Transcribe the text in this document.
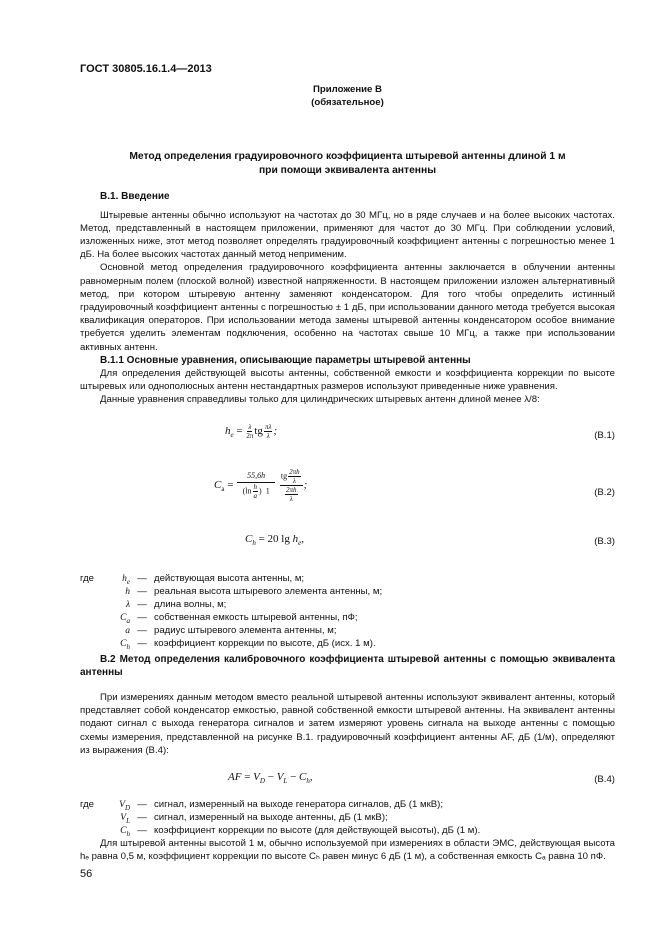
ГОСТ 30805.16.1.4—2013
Приложение В
(обязательное)
Метод определения градуировочного коэффициента штыревой антенны длиной 1 м
при помощи эквивалента антенны
В.1. Введение
Штыревые антенны обычно используют на частотах до 30 МГц, но в ряде случаев и на более высоких частотах. Метод, представленный в настоящем приложении, применяют для частот до 30 МГц. При соблюдении условий, изложенных ниже, этот метод позволяет определять градуировочный коэффициент антенны с погрешностью менее 1 дБ. На более высоких частотах данный метод неприменим.
Основной метод определения градуировочного коэффициента антенны заключается в облучении антенны равномерным полем (плоской волной) известной напряженности. В настоящем приложении изложен альтернативный метод, при котором штыревую антенну заменяют конденсатором. Для того чтобы определить истинный градуировочный коэффициент антенны с погрешностью ± 1 дБ, при использовании данного метода требуется высокая квалификация операторов. При использовании метода замены штыревой антенны конденсатором особое внимание требуется уделить элементам подключения, особенно на частотах свыше 10 МГц, а также при использовании активных антенн.
В.1.1 Основные уравнения, описывающие параметры штыревой антенны
Для определения действующей высоты антенны, собственной емкости и коэффициента коррекции по высоте штыревых или однополюсных антенн нестандартных размеров используют приведенные ниже уравнения.
Данные уравнения справедливы только для цилиндрических штыревых антенн длиной менее λ/8:
$h_e = \frac{\lambda}{2\pi}$ tg $\frac{\pi\lambda}{\lambda}$ ;	(В.1)
$C_a = \frac{55,6h}{(\ln \frac{h}{a} ) 1}$
tg 2πh
λ
2πh
λ ;
(В.2)
$C_h = 20$ $\lg h_e$,	(В.3)
где	$h_e$ — действующая высота антенны, м;
h — реальная высота штыревого элемента антенны, м;
λ — длина волны, м;
$C_a$ — собственная емкость штыревой антенны, пФ;
a — радиус штыревого элемента антенны, м;
$C_h$ — коэффициент коррекции по высоте, дБ (исх. 1 м).
В.2 Метод определения калибровочного коэффициента штыревой антенны с помощью эквивалента антенны
При измерениях данным методом вместо реальной штыревой антенны используют эквивалент антенны, который представляет собой конденсатор емкостью, равной собственной емкости штыревой антенны. На эквивалент антенны подают сигнал с выхода генератора сигналов и затем измеряют уровень сигнала на выходе антенны с помощью схемы измерения, представленной на рисунке В.1. градуировочный коэффициент антенны AF, дБ (1/м), определяют из выражения (В.4):
AF = $V_D - V_L - C_h$,	(В.4)
где	$V_D$ — сигнал, измеренный на выходе генератора сигналов, дБ (1 мкВ);
$V_L$ — сигнал, измеренный на выходе антенны, дБ (1 мкВ);
$C_h$ — коэффициент коррекции по высоте (для действующей высоты), дБ (1 м).
Для штыревой антенны высотой 1 м, обычно используемой при измерениях в области ЭМС, действующая высота hₑ равна 0,5 м, коэффициент коррекции по высоте Cₕ равен минус 6 дБ (1 м), а собственная емкость Cₐ равна 10 пФ.
56
